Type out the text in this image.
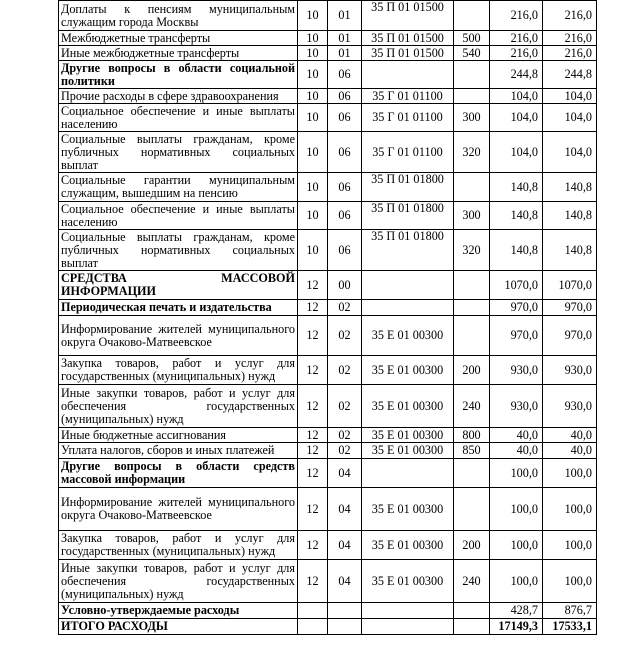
Доплаты к пенсиям муниципальным служащим города Москвы	10	01	35 П 01 01500		216,0	216,0
Межбюджетные трансферты	10	01	35 П 01 01500	500	216,0	216,0
Иные межбюджетные трансферты	10	01	35 П 01 01500	540	216,0	216,0
Другие вопросы в области социальной политики	10	06			244,8	244,8
Прочие расходы в сфере здравоохранения	10	06	35 Г 01 01100		104,0	104,0
Социальное обеспечение и иные выплаты населению	10	06	35 Г 01 01100	300	104,0	104,0
Социальные выплаты гражданам, кроме публичных нормативных социальных выплат	10	06	35 Г 01 01100	320	104,0	104,0
Социальные гарантии муниципальным служащим, вышедшим на пенсию	10	06	35 П 01 01800		140,8	140,8
Социальное обеспечение и иные выплаты населению	10	06	35 П 01 01800	300	140,8	140,8
Социальные выплаты гражданам, кроме публичных нормативных социальных выплат	10	06	35 П 01 01800	320	140,8	140,8
СРЕДСТВА МАССОВОЙ ИНФОРМАЦИИ	12	00			1070,0	1070,0
Периодическая печать и издательства	12	02			970,0	970,0
Информирование жителей муниципального округа Очаково-Матвеевское	12	02	35 Е 01 00300		970,0	970,0
Закупка товаров, работ и услуг для государственных (муниципальных) нужд	12	02	35 Е 01 00300	200	930,0	930,0
Иные закупки товаров, работ и услуг для обеспечения государственных (муниципальных) нужд	12	02	35 Е 01 00300	240	930,0	930,0
Иные бюджетные ассигнования	12	02	35 Е 01 00300	800	40,0	40,0
Уплата налогов, сборов и иных платежей	12	02	35 Е 01 00300	850	40,0	40,0
Другие вопросы в области средств массовой информации	12	04			100,0	100,0
Информирование жителей муниципального округа Очаково-Матвеевское	12	04	35 Е 01 00300		100,0	100,0
Закупка товаров, работ и услуг для государственных (муниципальных) нужд	12	04	35 Е 01 00300	200	100,0	100,0
Иные закупки товаров, работ и услуг для обеспечения государственных (муниципальных) нужд	12	04	35 Е 01 00300	240	100,0	100,0
Условно-утверждаемые расходы					428,7	876,7
ИТОГО РАСХОДЫ					17149,3	17533,1
